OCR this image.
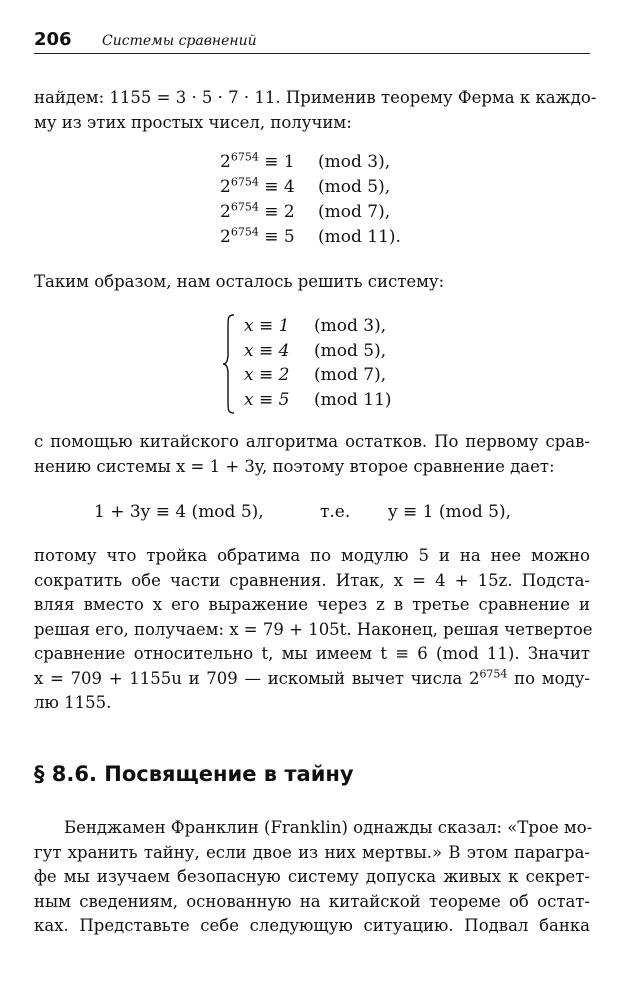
206 Системы сравнений
найдем: 1155 = 3 · 5 · 7 · 11. Применив теорему Ферма к каждо-
му из этих простых чисел, получим:
$2^{6754} \equiv 1$ (mod 3),
$2^{6754} \equiv 4$ (mod 5),
$2^{6754} \equiv 2$ (mod 7),
$2^{6754} \equiv 5$ (mod 11).
Таким образом, нам осталось решить систему:
x ≡ 1 (mod 3),
x ≡ 4 (mod 5),
x ≡ 2 (mod 7),
x ≡ 5 (mod 11)
с помощью китайского алгоритма остатков. По первому срав-
нению системы x = 1 + 3y, поэтому второе сравнение дает:
1 + 3y ≡ 4 (mod 5),	т.е. y ≡ 1 (mod 5),
потому что тройка обратима по модулю 5 и на нее можно
сократить обе части сравнения. Итак, x = 4 + 15z. Подста-
вляя вместо x его выражение через z в третье сравнение и
решая его, получаем: x = 79 + 105t. Наконец, решая четвертое
сравнение относительно t, мы имеем t ≡ 6 (mod 11). Значит
x = 709 + 1155u и 709 — искомый вычет числа $2^{6754}$ по моду-
лю 1155.
§ 8.6. Посвящение в тайну
Бенджамен Франклин (Franklin) однажды сказал: «Трое мо-
гут хранить тайну, если двое из них мертвы.» В этом паpагра-
фе мы изучаем безопасную систему допуска живых к секрет-
ным сведениям, основанную на китайской теореме об остат-
ках. Представьте себе следующую ситуацию. Подвал банка
